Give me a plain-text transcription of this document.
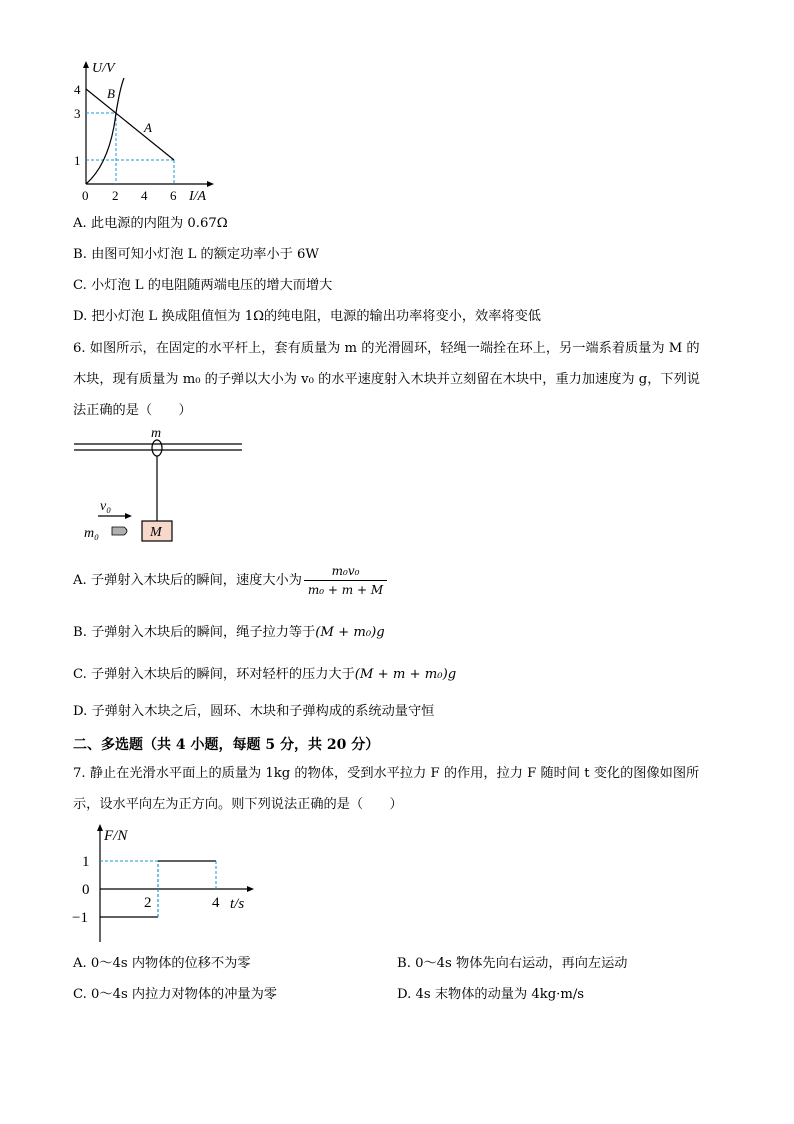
U/V
4
3
1
0 2 4 6 I/A
B
A
A. 此电源的内阻为 0.67Ω
B. 由图可知小灯泡 L 的额定功率小于 6W
C. 小灯泡 L 的电阻随两端电压的增大而增大
D. 把小灯泡 L 换成阻值恒为 1Ω的纯电阻，电源的输出功率将变小，效率将变低
6. 如图所示，在固定的水平杆上，套有质量为 m 的光滑圆环，轻绳一端拴在环上，另一端系着质量为 M 的
木块，现有质量为 m₀ 的子弹以大小为 v₀ 的水平速度射入木块并立刻留在木块中，重力加速度为 g，下列说
法正确的是（　　）
m
M
v₀
m₀
A. 子弹射入木块后的瞬间，速度大小为 $\frac{\text{m₀v₀}}{\text{m₀ + m + M}}$
B. 子弹射入木块后的瞬间，绳子拉力等于(M + m₀)g
C. 子弹射入木块后的瞬间，环对轻杆的压力大于(M + m + m₀)g
D. 子弹射入木块之后，圆环、木块和子弹构成的系统动量守恒
二、多选题（共 4 小题，每题 5 分，共 20 分）
7. 静止在光滑水平面上的质量为 1kg 的物体，受到水平拉力 F 的作用，拉力 F 随时间 t 变化的图像如图所
示，设水平向左为正方向。则下列说法正确的是（　　）
F/N
t/s
1
0
−1
2	4
A. 0～4s 内物体的位移不为零	B. 0～4s 物体先向右运动，再向左运动
C. 0～4s 内拉力对物体的冲量为零	D. 4s 末物体的动量为 4kg·m/s
